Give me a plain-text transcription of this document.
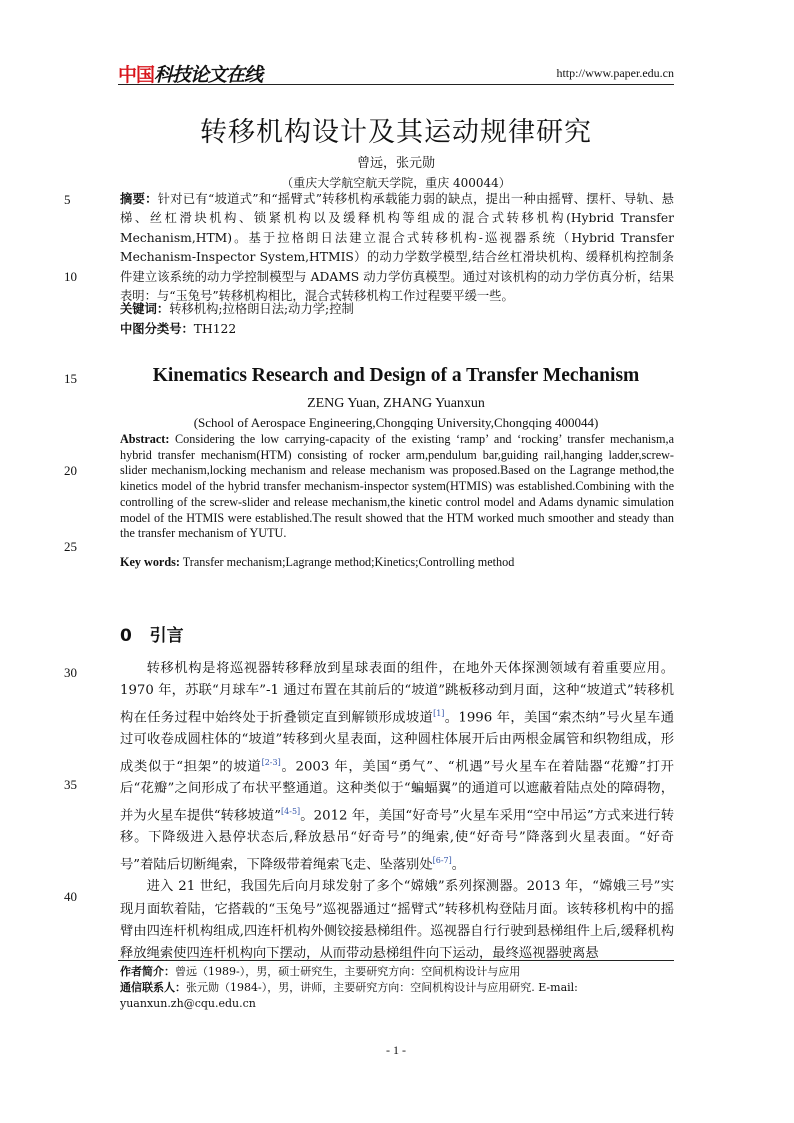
中国科技论文在线	http://www.paper.edu.cn
转移机构设计及其运动规律研究
曾远，张元勋
（重庆大学航空航天学院，重庆 400044）
5
10
15
20
25
30
35
40
摘要：针对已有“坡道式”和“摇臂式”转移机构承载能力弱的缺点，提出一种由摇臂、摆杆、导轨、悬梯、丝杠滑块机构、锁紧机构以及缓释机构等组成的混合式转移机构(Hybrid Transfer Mechanism,HTM)。基于拉格朗日法建立混合式转移机构-巡视器系统（Hybrid Transfer Mechanism-Inspector System,HTMIS）的动力学数学模型,结合丝杠滑块机构、缓释机构控制条件建立该系统的动力学控制模型与 ADAMS 动力学仿真模型。通过对该机构的动力学仿真分析，结果表明：与“玉兔号”转移机构相比，混合式转移机构工作过程要平缓一些。
关键词：转移机构;拉格朗日法;动力学;控制
中图分类号：TH122
Kinematics Research and Design of a Transfer Mechanism
ZENG Yuan, ZHANG Yuanxun
(School of Aerospace Engineering,Chongqing University,Chongqing 400044)
Abstract: Considering the low carrying-capacity of the existing ‘ramp’ and ‘rocking’ transfer mechanism,a hybrid transfer mechanism(HTM) consisting of rocker arm,pendulum bar,guiding rail,hanging ladder,screw-slider mechanism,locking mechanism and release mechanism was proposed.Based on the Lagrange method,the kinetics model of the hybrid transfer mechanism-inspector system(HTMIS) was established.Combining with the controlling of the screw-slider and release mechanism,the kinetic control model and Adams dynamic simulation model of the HTMIS were established.The result showed that the HTM worked much smoother and steady than the transfer mechanism of YUTU.
Key words: Transfer mechanism;Lagrange method;Kinetics;Controlling method
0 引言

转移机构是将巡视器转移释放到星球表面的组件，在地外天体探测领域有着重要应用。1970 年，苏联“月球车”-1 通过布置在其前后的“坡道”跳板移动到月面，这种“坡道式”转移机构在任务过程中始终处于折叠锁定直到解锁形成坡道[1]。1996 年，美国“索杰纳”号火星车通过可收卷成圆柱体的“坡道”转移到火星表面，这种圆柱体展开后由两根金属管和织物组成，形成类似于“担架”的坡道[2-3]。2003 年，美国“勇气”、“机遇”号火星车在着陆器“花瓣”打开后“花瓣”之间形成了布状平整通道。这种类似于“蝙蝠翼”的通道可以遮蔽着陆点处的障碍物，并为火星车提供“转移坡道”[4-5]。2012 年，美国“好奇号”火星车采用“空中吊运”方式来进行转移。下降级进入悬停状态后,释放悬吊“好奇号”的绳索,使“好奇号”降落到火星表面。“好奇号”着陆后切断绳索，下降级带着绳索飞走、坠落别处[6-7]。

进入 21 世纪，我国先后向月球发射了多个“嫦娥”系列探测器。2013 年，“嫦娥三号”实现月面软着陆，它搭载的“玉兔号”巡视器通过“摇臂式”转移机构登陆月面。该转移机构中的摇臂由四连杆机构组成,四连杆机构外侧铰接悬梯组件。巡视器自行行驶到悬梯组件上后,缓释机构释放绳索使四连杆机构向下摆动，从而带动悬梯组件向下运动，最终巡视器驶离悬

作者简介：曾远（1989-），男，硕士研究生，主要研究方向：空间机构设计与应用
通信联系人：张元勋（1984-），男，讲师，主要研究方向：空间机构设计与应用研究. E-mail: yuanxun.zh@cqu.edu.cn
- 1 -
